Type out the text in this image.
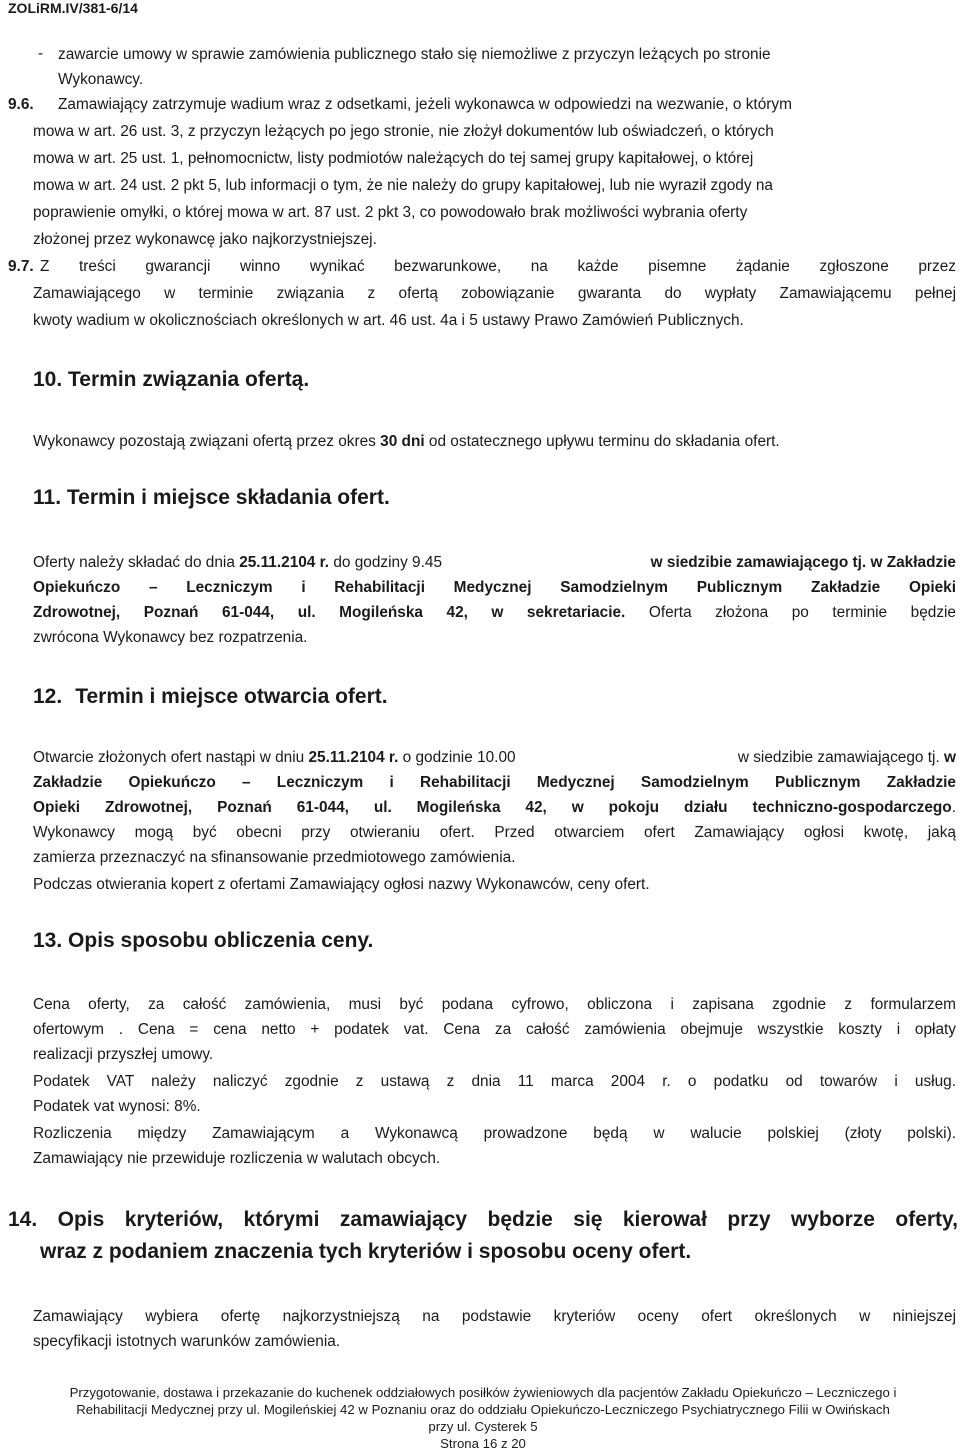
ZOLiRM.IV/381-6/14
- zawarcie umowy w sprawie zamówienia publicznego stało się niemożliwe z przyczyn leżących po stronie
Wykonawcy.
9.6. Zamawiający zatrzymuje wadium wraz z odsetkami, jeżeli wykonawca w odpowiedzi na wezwanie, o którym
mowa w art. 26 ust. 3, z przyczyn leżących po jego stronie, nie złożył dokumentów lub oświadczeń, o których
mowa w art. 25 ust. 1, pełnomocnictw, listy podmiotów należących do tej samej grupy kapitałowej, o której
mowa w art. 24 ust. 2 pkt 5, lub informacji o tym, że nie należy do grupy kapitałowej, lub nie wyraził zgody na
poprawienie omyłki, o której mowa w art. 87 ust. 2 pkt 3, co powodowało brak możliwości wybrania oferty
złożonej przez wykonawcę jako najkorzystniejszej.
9.7. Z treści gwarancji winno wynikać bezwarunkowe, na każde pisemne żądanie zgłoszone przez
Zamawiającego w terminie związania z ofertą zobowiązanie gwaranta do wypłaty Zamawiającemu pełnej
kwoty wadium w okolicznościach określonych w art. 46 ust. 4a i 5 ustawy Prawo Zamówień Publicznych.
10. Termin związania ofertą.
Wykonawcy pozostają związani ofertą przez okres 30 dni od ostatecznego upływu terminu do składania ofert.
11. Termin i miejsce składania ofert.
Oferty należy składać do dnia 25.11.2104 r. do godziny 9.45	w siedzibie zamawiającego tj. w Zakładzie
Opiekuńczo – Leczniczym i Rehabilitacji Medycznej Samodzielnym Publicznym Zakładzie Opieki
Zdrowotnej, Poznań 61-044, ul. Mogileńska 42, w sekretariacie. Oferta złożona po terminie będzie
zwrócona Wykonawcy bez rozpatrzenia.
12. Termin i miejsce otwarcia ofert.
Otwarcie złożonych ofert nastąpi w dniu 25.11.2104 r. o godzinie 10.00	w siedzibie zamawiającego tj. w
Zakładzie Opiekuńczo – Leczniczym i Rehabilitacji Medycznej Samodzielnym Publicznym Zakładzie
Opieki Zdrowotnej, Poznań 61-044, ul. Mogileńska 42, w pokoju działu techniczno-gospodarczego.
Wykonawcy mogą być obecni przy otwieraniu ofert. Przed otwarciem ofert Zamawiający ogłosi kwotę, jaką
zamierza przeznaczyć na sfinansowanie przedmiotowego zamówienia.
Podczas otwierania kopert z ofertami Zamawiający ogłosi nazwy Wykonawców, ceny ofert.
13. Opis sposobu obliczenia ceny.
Cena oferty, za całość zamówienia, musi być podana cyfrowo, obliczona i zapisana zgodnie z formularzem
ofertowym . Cena = cena netto + podatek vat. Cena za całość zamówienia obejmuje wszystkie koszty i opłaty
realizacji przyszłej umowy.
Podatek VAT należy naliczyć zgodnie z ustawą z dnia 11 marca 2004 r. o podatku od towarów i usług.
Podatek vat wynosi: 8%.
Rozliczenia między Zamawiającym a Wykonawcą prowadzone będą w walucie polskiej (złoty polski).
Zamawiający nie przewiduje rozliczenia w walutach obcych.
14. Opis kryteriów, którymi zamawiający będzie się kierował przy wyborze oferty,
wraz z podaniem znaczenia tych kryteriów i sposobu oceny ofert.
Zamawiający wybiera ofertę najkorzystniejszą na podstawie kryteriów oceny ofert określonych w niniejszej
specyfikacji istotnych warunków zamówienia.
Przygotowanie, dostawa i przekazanie do kuchenek oddziałowych posiłków żywieniowych dla pacjentów Zakładu Opiekuńczo – Leczniczego i
Rehabilitacji Medycznej przy ul. Mogileńskiej 42 w Poznaniu oraz do oddziału Opiekuńczo-Leczniczego Psychiatrycznego Filii w Owińskach
przy ul. Cysterek 5
Strona 16 z 20
